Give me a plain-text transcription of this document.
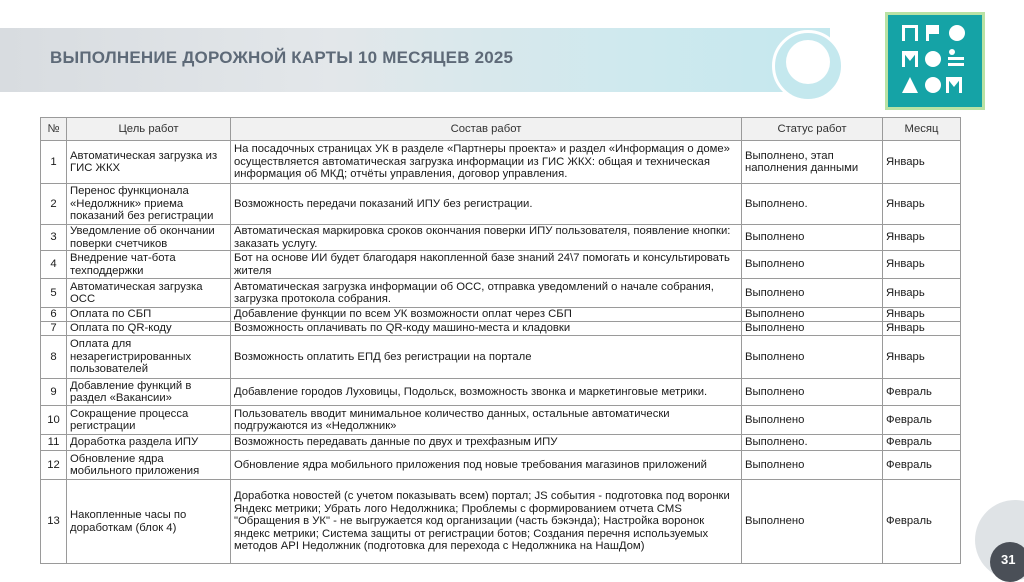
ВЫПОЛНЕНИЕ ДОРОЖНОЙ КАРТЫ 10 МЕСЯЦЕВ 2025
№	Цель работ	Состав работ	Статус работ	Месяц
1	Автоматическая загрузка из ГИС ЖКХ	На посадочных страницах УК в разделе «Партнеры проекта» и раздел «Информация о доме» осуществляется автоматическая загрузка информации из ГИС ЖКХ: общая и техническая информация об МКД; отчёты управления, договор управления.	Выполнено, этап наполнения данными	Январь
2	Перенос функционала «Недолжник» приема показаний без регистрации	Возможность передачи показаний ИПУ без регистрации.	Выполнено.	Январь
3	Уведомление об окончании поверки счетчиков	Автоматическая маркировка сроков окончания поверки ИПУ пользователя, появление кнопки: заказать услугу.	Выполнено	Январь
4	Внедрение чат-бота техподдержки	Бот на основе ИИ будет благодаря накопленной базе знаний 24\7 помогать и консультировать жителя	Выполнено	Январь
5	Автоматическая загрузка ОСС	Автоматическая загрузка информации об ОСС, отправка уведомлений о начале собрания, загрузка протокола собрания.	Выполнено	Январь
6	Оплата по СБП	Добавление функции по всем УК возможности оплат через СБП	Выполнено	Январь
7	Оплата по QR-коду	Возможность оплачивать по QR-коду машино-места и кладовки	Выполнено	Январь
8	Оплата для незарегистрированных пользователей	Возможность оплатить ЕПД без регистрации на портале	Выполнено	Январь
9	Добавление функций в раздел «Вакансии»	Добавление городов Луховицы, Подольск, возможность звонка и маркетинговые метрики.	Выполнено	Февраль
10	Сокращение процесса регистрации	Пользователь вводит минимальное количество данных, остальные автоматически подгружаются из «Недолжник»	Выполнено	Февраль
11	Доработка раздела ИПУ	Возможность передавать данные по двух и трехфазным ИПУ	Выполнено.	Февраль
12	Обновление ядра мобильного приложения	Обновление ядра мобильного приложения под новые требования магазинов приложений	Выполнено	Февраль
13	Накопленные часы по доработкам (блок 4)	Доработка новостей (с учетом показывать всем) портал; JS события - подготовка под воронки Яндекс метрики; Убрать лого Недолжника; Проблемы с формированием отчета CMS "Обращения в УК" - не выгружается код организации (часть бэкэнда); Настройка воронок яндекс метрики; Система защиты от регистрации ботов; Создания перечня используемых методов API Недолжник (подготовка для перехода с Недолжника на НашДом)	Выполнено	Февраль
31
